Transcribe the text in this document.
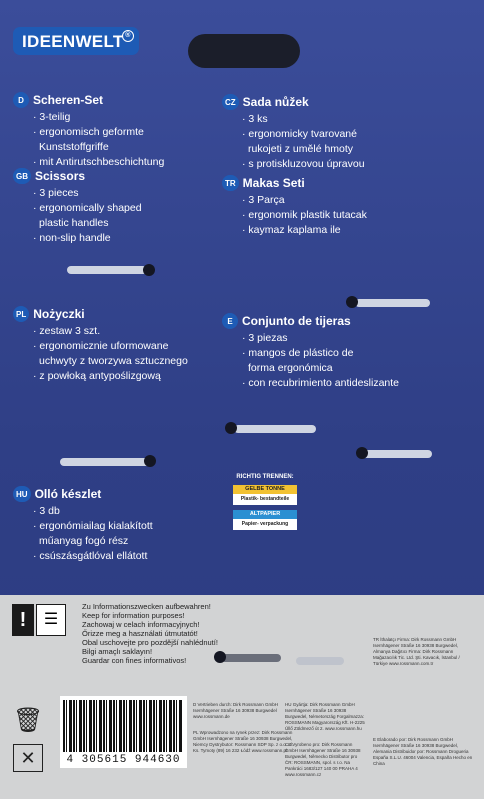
IDEENWELT ®
D Scheren-Set
· 3-teilig
· ergonomisch geformte
Kunststoffgriffe
· mit Antirutschbeschichtung
GB Scissors
· 3 pieces
· ergonomically shaped
plastic handles
· non-slip handle
CZ Sada nůžek
· 3 ks
· ergonomicky tvarované
rukojeti z umělé hmoty
· s protiskluzovou úpravou
TR Makas Seti
· 3 Parça
· ergonomik plastik tutacak
· kaymaz kaplama ile
PL Nożyczki
· zestaw 3 szt.
· ergonomicznie uformowane
uchwyty z tworzywa sztucznego
· z powłoką antypoślizgową
E Conjunto de tijeras
· 3 piezas
· mangos de plástico de
forma ergonómica
· con recubrimiento antideslizante
HU Olló készlet
· 3 db
· ergonómiailag kialakított
műanyag fogó rész
· csúszásgátlóval ellátott
RICHTIG TRENNEN:
GELBE TONNE
Plastik- bestandteile
ALTPAPIER
Papier- verpackung
!	☰
Zu Informationszwecken aufbewahren!
Keep for information purposes!
Zachowaj w celach informacyjnych!
Őrizze meg a használati útmutatót!
Obal uschovejte pro pozdější nahlédnutí!
Bilgi amaçlı saklayın!
Guardar con fines informativos!
🗑
✕	4 305615 944630
D Vertrieben durch: Dirk Rossmann GmbH Isernhägener Straße 16 30938 Burgwedel www.rossmann.de
PL Wprowadzono na rynek przez: Dirk Rossmann GmbH Isernhägener Straße 16 30938 Burgwedel, Niemcy Dystrybutor: Rossmann SDP Sp. z o.o. ul. Ks. Tymoty (89) 16 232 Łódź www.rossmann.pl
HU Gyártja: Dirk Rossmann GmbH Isernhägener Straße 16 30938 Burgwedel, Németország Forgalmazza: ROSSMANN Magyarország Kft. H-2225 Üllő Zöldmező út 2. www.rossmann.hu
CZ Vyrobeno pro: Dirk Rossmann GmbH Isernhägener Straße 16 30938 Burgwedel, Německo Distributor pro ČR: ROSSMANN, spol. s r.o. Na Pankráci 1683/127 140 00 PRAHA 4 www.rossmann.cz
TR İthalatçı Firma: Dirk Rossmann GmbH Isernhägener Straße 16 30938 Burgwedel, Almanya Dağıtıcı Firma: Dirk Rossmann Mağazacılık Tic. Ltd. Şti. Kavacık, İstanbul / Türkiye www.rossmann.com.tr
E Elaborado por: Dirk Rossmann GmbH Isernhägener Straße 16 30938 Burgwedel, Alemania Distribuidor por: Rossmann Drogueria España S.L.U. 46004 Valencia, España Hecho en China
